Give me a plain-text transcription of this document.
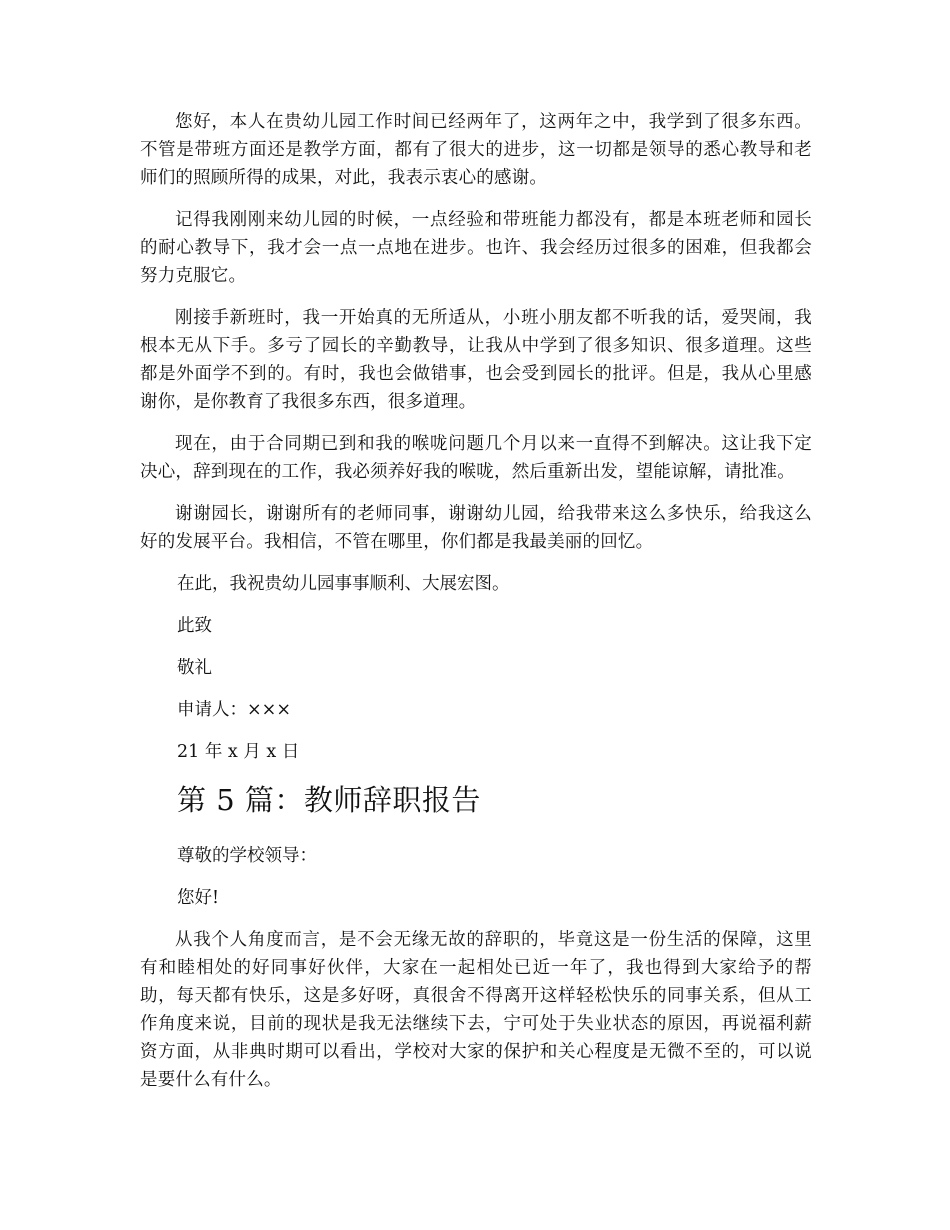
您好，本人在贵幼儿园工作时间已经两年了，这两年之中，我学到了很多东西。不管是带班方面还是教学方面，都有了很大的进步，这一切都是领导的悉心教导和老师们的照顾所得的成果，对此，我表示衷心的感谢。

记得我刚刚来幼儿园的时候，一点经验和带班能力都没有，都是本班老师和园长的耐心教导下，我才会一点一点地在进步。也许、我会经历过很多的困难，但我都会努力克服它。

刚接手新班时，我一开始真的无所适从，小班小朋友都不听我的话，爱哭闹，我根本无从下手。多亏了园长的辛勤教导，让我从中学到了很多知识、很多道理。这些都是外面学不到的。有时，我也会做错事，也会受到园长的批评。但是，我从心里感谢你，是你教育了我很多东西，很多道理。

现在，由于合同期已到和我的喉咙问题几个月以来一直得不到解决。这让我下定决心，辞到现在的工作，我必须养好我的喉咙，然后重新出发，望能谅解，请批准。

谢谢园长，谢谢所有的老师同事，谢谢幼儿园，给我带来这么多快乐，给我这么好的发展平台。我相信，不管在哪里，你们都是我最美丽的回忆。

在此，我祝贵幼儿园事事顺利、大展宏图。

此致

敬礼

申请人：×××

21 年 x 月 x 日

第 5 篇：教师辞职报告

尊敬的学校领导：

您好!

从我个人角度而言，是不会无缘无故的辞职的，毕竟这是一份生活的保障，这里有和睦相处的好同事好伙伴，大家在一起相处已近一年了，我也得到大家给予的帮助，每天都有快乐，这是多好呀，真很舍不得离开这样轻松快乐的同事关系，但从工作角度来说，目前的现状是我无法继续下去，宁可处于失业状态的原因，再说福利薪资方面，从非典时期可以看出，学校对大家的保护和关心程度是无微不至的，可以说是要什么有什么。
